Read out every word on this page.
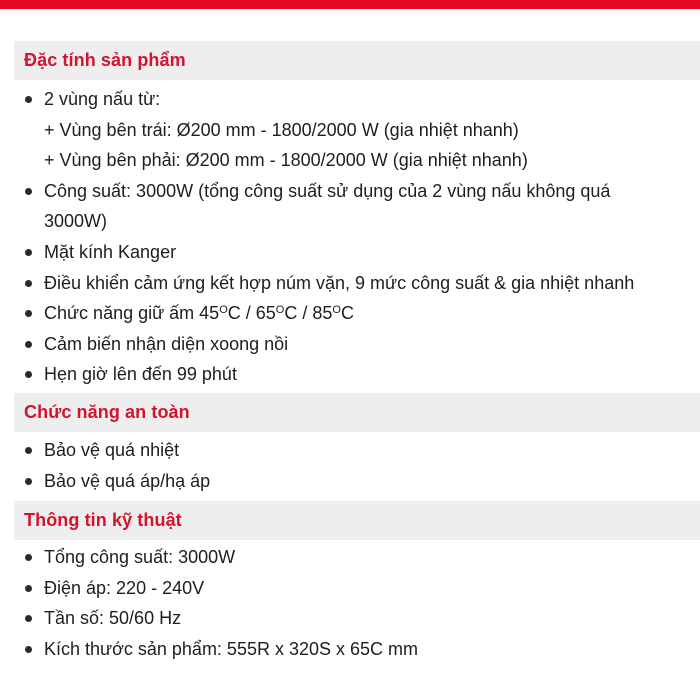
Đặc tính sản phẩm
2 vùng nấu từ:
+ Vùng bên trái: Ø200 mm - 1800/2000 W (gia nhiệt nhanh)
+ Vùng bên phải: Ø200 mm - 1800/2000 W (gia nhiệt nhanh)
Công suất: 3000W (tổng công suất sử dụng của 2 vùng nấu không quá 3000W)
Mặt kính Kanger
Điều khiển cảm ứng kết hợp núm vặn, 9 mức công suất & gia nhiệt nhanh
Chức năng giữ ấm $45^OC / 65^OC / 85^OC$
Cảm biến nhận diện xoong nồi
Hẹn giờ lên đến 99 phút
Chức năng an toàn
Bảo vệ quá nhiệt
Bảo vệ quá áp/hạ áp
Thông tin kỹ thuật
Tổng công suất: 3000W
Điện áp: 220 - 240V
Tần số: 50/60 Hz
Kích thước sản phẩm: 555R x 320S x 65C mm
